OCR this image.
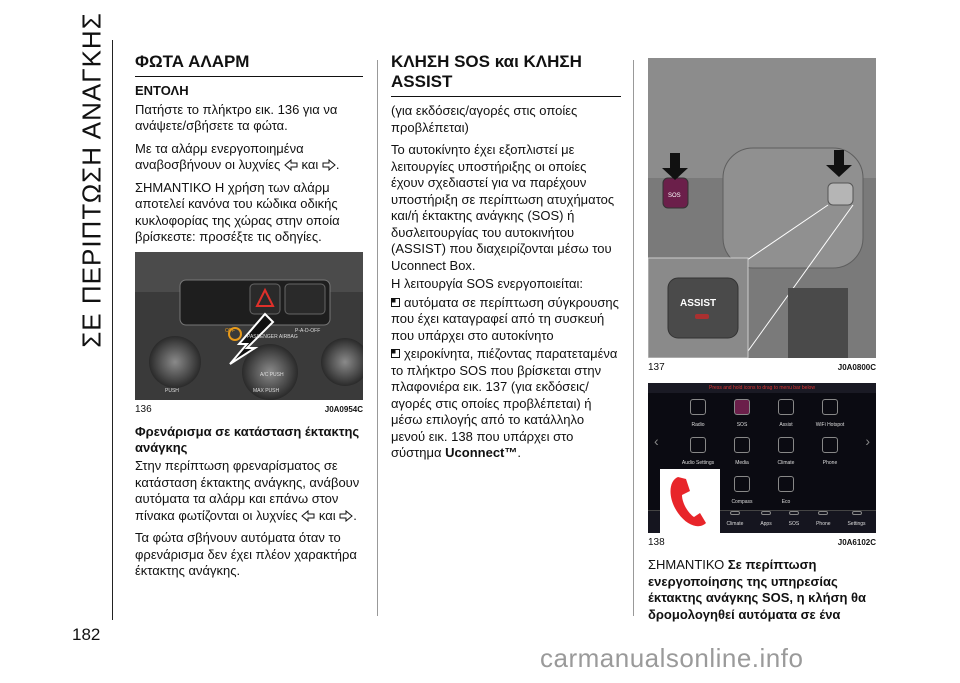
ΣΕ ΠΕΡΙΠΤΩΣΗ ΑΝΑΓΚΗΣ
182
ΦΩΤΑ ΑΛΑΡΜ
ΕΝΤΟΛΗ

Πατήστε το πλήκτρο εικ. 136 για να ανάψετε/σβήσετε τα φώτα.

Με τα αλάρμ ενεργοποιημένα αναβοσβήνουν οι λυχνίες και .

ΣΗΜΑΝΤΙΚΟ Η χρήση των αλάρμ αποτελεί κανόνα του κώδικα οδικής κυκλοφορίας της χώρας στην οποία βρίσκεστε: προσέξτε τις οδηγίες.

PASSENGER AIRBAG
OFF	P-A-D-OFF
A/C PUSH
MAX PUSH
PUSH
136	J0A0954C
Φρενάρισμα σε κατάσταση έκτακτης ανάγκης

Στην περίπτωση φρεναρίσματος σε κατάσταση έκτακτης ανάγκης, ανάβουν αυτόματα τα αλάρμ και επάνω στον πίνακα φωτίζονται οι λυχνίες και .

Τα φώτα σβήνουν αυτόματα όταν το φρενάρισμα δεν έχει πλέον χαρακτήρα έκτακτης ανάγκης.

ΚΛΗΣΗ SOS και ΚΛΗΣΗ ASSIST

(για εκδόσεις/αγορές στις οποίες προβλέπεται)

Το αυτοκίνητο έχει εξοπλιστεί με λειτουργίες υποστήριξης οι οποίες έχουν σχεδιαστεί για να παρέχουν υποστήριξη σε περίπτωση ατυχήματος και/ή έκτακτης ανάγκης (SOS) ή δυσλειτουργίας του αυτοκινήτου (ASSIST) που διαχειρίζονται μέσω του Uconnect Box.

Η λειτουργία SOS ενεργοποιείται:

αυτόματα σε περίπτωση σύγκρουσης που έχει καταγραφεί από τη συσκευή που υπάρχει στο αυτοκίνητο

χειροκίνητα, πιέζοντας παρατεταμένα το πλήκτρο SOS που βρίσκεται στην πλαφονιέρα εικ. 137 (για εκδόσεις/αγορές στις οποίες προβλέπεται) ή μέσω επιλογής από το κατάλληλο μενού εικ. 138 που υπάρχει στο σύστημα Uconnect™.

SOS
ASSIST
137	J0A0800C
Press and hold icons to drag to menu bar below
‹	›
Radio	SOS	Assist	WiFi Hotspot
Audio Settings	Media	Climate	Phone
Compass	Eco
Climate	Apps	SOS	Phone	Settings
138	J0A6102C

ΣΗΜΑΝΤΙΚΟ Σε περίπτωση ενεργοποίησης της υπηρεσίας έκτακτης ανάγκης SOS, η κλήση θα δρομολογηθεί αυτόματα σε ένα

carmanualsonline.info
